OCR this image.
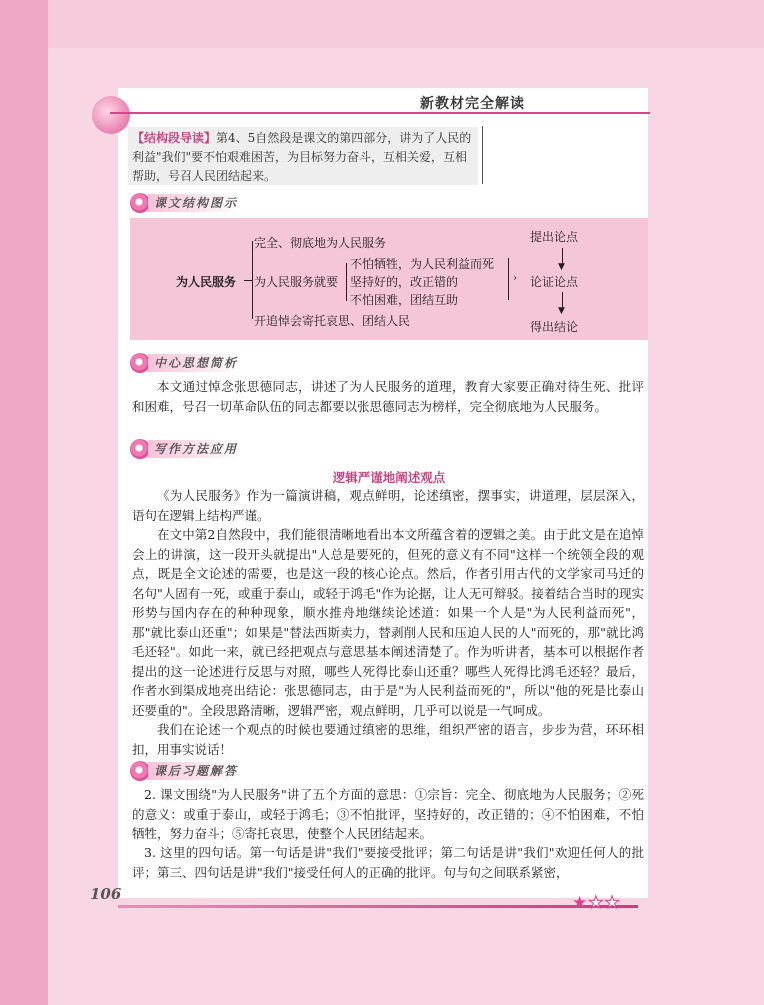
新教材完全解读
【结构段导读】第4、5自然段是课文的第四部分，讲为了人民的利益"我们"要不怕艰难困苦，为目标努力奋斗，互相关爱，互相帮助，号召人民团结起来。
课文结构图示
为人民服务
完全、彻底地为人民服务
为人民服务就要
开追悼会寄托哀思、团结人民
不怕牺牲，为人民利益而死
坚持好的，改正错的
不怕困难，团结互助
›
提出论点
▼
论证论点
▼
得出结论
中心思想简析
本文通过悼念张思德同志，讲述了为人民服务的道理，教育大家要正确对待生死、批评和困难，号召一切革命队伍的同志都要以张思德同志为榜样，完全彻底地为人民服务。
写作方法应用
逻辑严谨地阐述观点
《为人民服务》作为一篇演讲稿，观点鲜明，论述缜密，摆事实，讲道理，层层深入，语句在逻辑上结构严谨。
在文中第2自然段中，我们能很清晰地看出本文所蕴含着的逻辑之美。由于此文是在追悼会上的讲演，这一段开头就提出"人总是要死的，但死的意义有不同"这样一个统领全段的观点，既是全文论述的需要，也是这一段的核心论点。然后，作者引用古代的文学家司马迁的名句"人固有一死，或重于泰山，或轻于鸿毛"作为论据，让人无可辩驳。接着结合当时的现实形势与国内存在的种种现象，顺水推舟地继续论述道：如果一个人是"为人民利益而死"，那"就比泰山还重"；如果是"替法西斯卖力，替剥削人民和压迫人民的人"而死的，那"就比鸿毛还轻"。如此一来，就已经把观点与意思基本阐述清楚了。作为听讲者，基本可以根据作者提出的这一论述进行反思与对照，哪些人死得比泰山还重？哪些人死得比鸿毛还轻？最后，作者水到渠成地亮出结论：张思德同志，由于是"为人民利益而死的"，所以"他的死是比泰山还要重的"。全段思路清晰，逻辑严密，观点鲜明，几乎可以说是一气呵成。
我们在论述一个观点的时候也要通过缜密的思维，组织严密的语言，步步为营，环环相扣，用事实说话！
课后习题解答
2. 课文围绕"为人民服务"讲了五个方面的意思：①宗旨：完全、彻底地为人民服务；②死的意义：或重于泰山，或轻于鸿毛；③不怕批评，坚持好的，改正错的；④不怕困难，不怕牺牲，努力奋斗；⑤寄托哀思，使整个人民团结起来。
3. 这里的四句话。第一句话是讲"我们"要接受批评；第二句话是讲"我们"欢迎任何人的批评；第三、四句话是讲"我们"接受任何人的正确的批评。句与句之间联系紧密，
106	★★★
